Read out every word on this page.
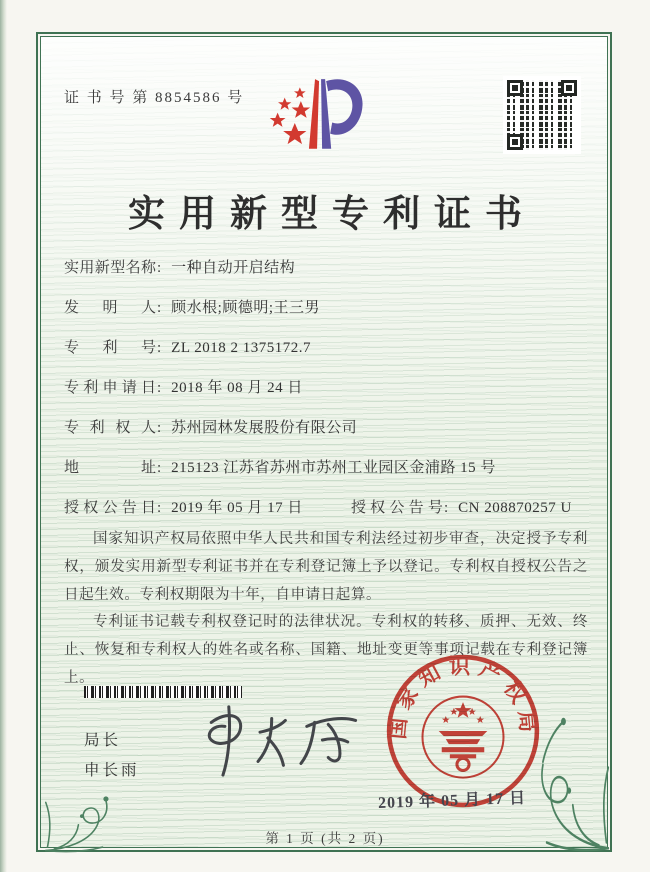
证 书 号 第 8854586 号
实用新型专利证书
实用新型名称: 一种自动开启结构
发明人: 顾水根;顾德明;王三男
专利号: ZL 2018 2 1375172.7
专利申请日: 2018 年 08 月 24 日
专利权人: 苏州园林发展股份有限公司
地址: 215123 江苏省苏州市苏州工业园区金浦路 15 号
授权公告日: 2019 年 05 月 17 日	授权公告号: CN 208870257 U

国家知识产权局依照中华人民共和国专利法经过初步审查，决定授予专利权，颁发实用新型专利证书并在专利登记簿上予以登记。专利权自授权公告之日起生效。专利权期限为十年，自申请日起算。

专利证书记载专利权登记时的法律状况。专利权的转移、质押、无效、终止、恢复和专利权人的姓名或名称、国籍、地址变更等事项记载在专利登记簿上。

局长
申长雨
国家知识产权局
2019 年 05 月 17 日
第 1 页 (共 2 页)
